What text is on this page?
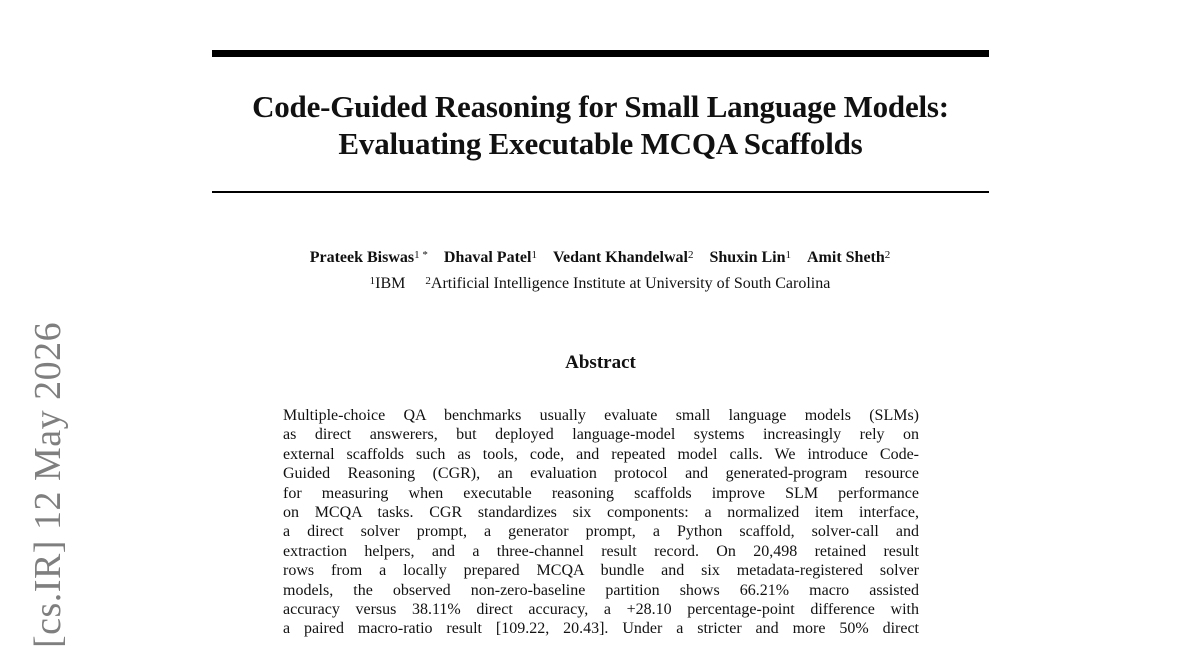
Code-Guided Reasoning for Small Language Models:
Evaluating Executable MCQA Scaffolds
Prateek Biswas$^{1 *}$ Dhaval Patel$^1$ Vedant Khandelwal$^2$ Shuxin Lin$^1$ Amit Sheth$^2$
$^1$IBM $^2$Artificial Intelligence Institute at University of South Carolina
Abstract
Multiple-choice QA benchmarks usually evaluate small language models (SLMs)
as direct answerers, but deployed language-model systems increasingly rely on
external scaffolds such as tools, code, and repeated model calls. We introduce Code-
Guided Reasoning (CGR), an evaluation protocol and generated-program resource
for measuring when executable reasoning scaffolds improve SLM performance
on MCQA tasks. CGR standardizes six components: a normalized item interface,
a direct solver prompt, a generator prompt, a Python scaffold, solver-call and
extraction helpers, and a three-channel result record. On 20,498 retained result
rows from a locally prepared MCQA bundle and six metadata-registered solver
models, the observed non-zero-baseline partition shows 66.21% macro assisted
accuracy versus 38.11% direct accuracy, a +28.10 percentage-point difference with
a paired macro-ratio result [109.22, 20.43]. Under a stricter and more 50% direct
[cs.IR] 12 May 2026
